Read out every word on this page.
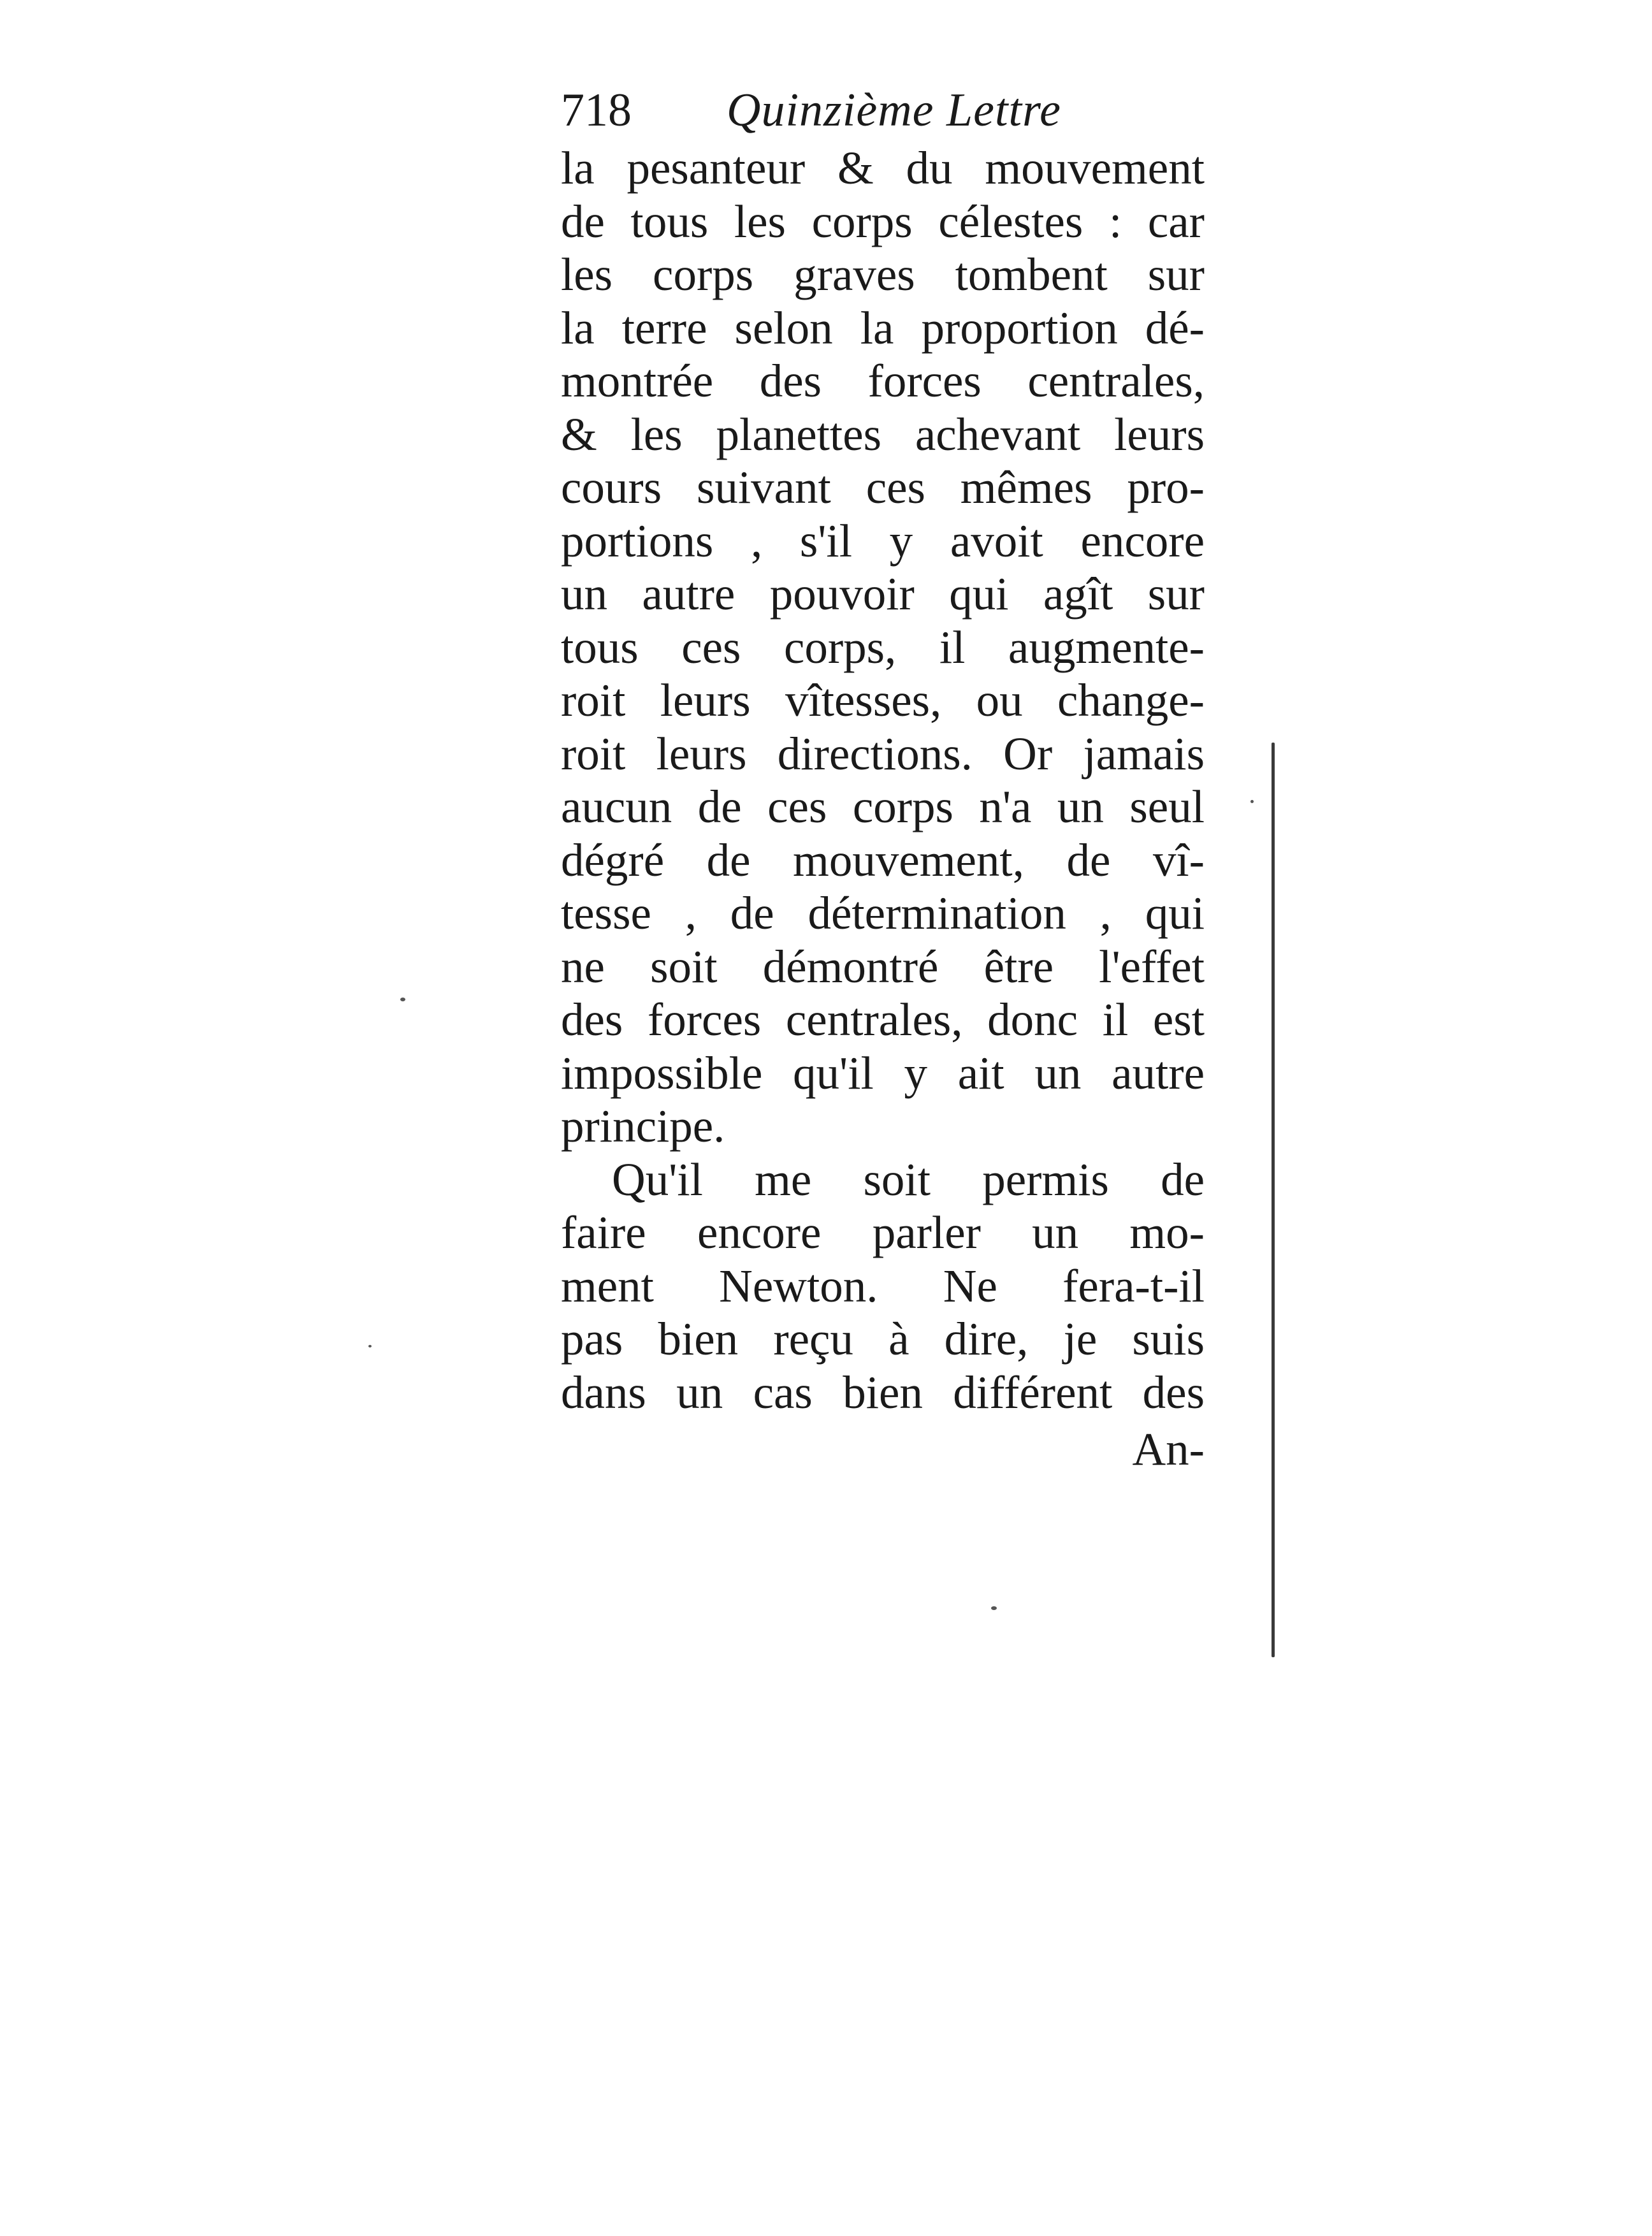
718 Quinzième Lettre
la pesanteur & du mouvement
de tous les corps célestes : car
les corps graves tombent sur
la terre selon la proportion dé-
montrée des forces centrales,
& les planettes achevant leurs
cours suivant ces mêmes pro-
portions , s'il y avoit encore
un autre pouvoir qui agît sur
tous ces corps, il augmente-
roit leurs vîtesses, ou change-
roit leurs directions. Or jamais
aucun de ces corps n'a un seul
dégré de mouvement, de vî-
tesse , de détermination , qui
ne soit démontré être l'effet
des forces centrales, donc il est
impossible qu'il y ait un autre
principe.
Qu'il me soit permis de
faire encore parler un mo-
ment Newton. Ne fera-t-il
pas bien reçu à dire, je suis
dans un cas bien différent des
An-
